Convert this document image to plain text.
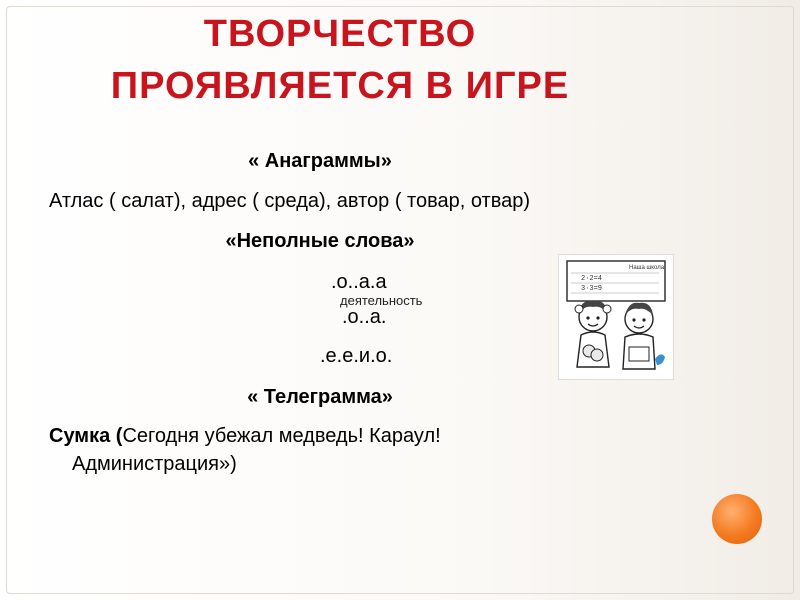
ТВОРЧЕСТВО
ПРОЯВЛЯЕТСЯ В ИГРЕ
« Анаграммы»
Атлас ( салат), адрес ( среда), автор ( товар, отвар)
«Неполные слова»
.о..а.а
деятельность
.о..а.
.е.е.и.о.
« Телеграмма»
Сумка (Сегодня убежал медведь! Караул!
Администрация»)
Наша школа
2·2=4
3·3=9
